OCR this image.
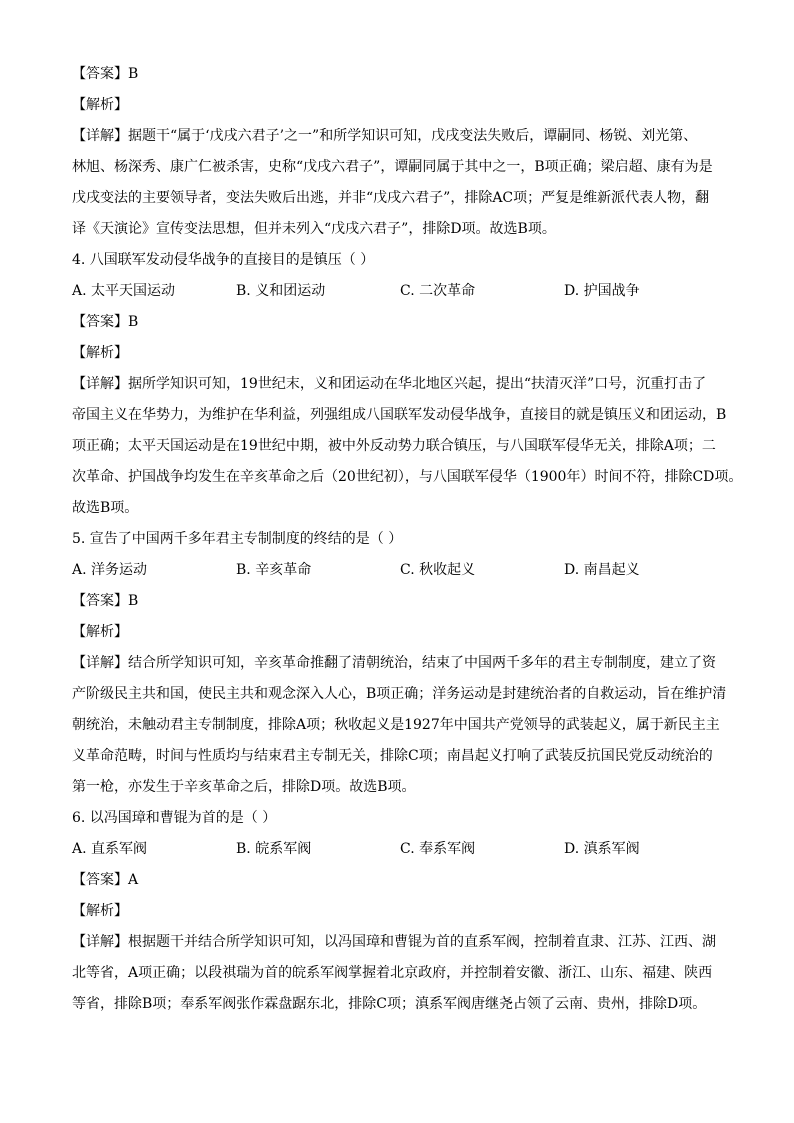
【答案】B
【解析】
【详解】据题干“属于‘戊戌六君子’之一”和所学知识可知，戊戌变法失败后，谭嗣同、杨锐、刘光第、
林旭、杨深秀、康广仁被杀害，史称“戊戌六君子”，谭嗣同属于其中之一，B项正确；梁启超、康有为是
戊戌变法的主要领导者，变法失败后出逃，并非“戊戌六君子”，排除AC项；严复是维新派代表人物，翻
译《天演论》宣传变法思想，但并未列入“戊戌六君子”，排除D项。故选B项。
4. 八国联军发动侵华战争的直接目的是镇压（ ）
A. 太平天国运动	B. 义和团运动	C. 二次革命	D. 护国战争
【答案】B
【解析】
【详解】据所学知识可知，19世纪末，义和团运动在华北地区兴起，提出“扶清灭洋”口号，沉重打击了
帝国主义在华势力，为维护在华利益，列强组成八国联军发动侵华战争，直接目的就是镇压义和团运动，B
项正确；太平天国运动是在19世纪中期，被中外反动势力联合镇压，与八国联军侵华无关，排除A项；二
次革命、护国战争均发生在辛亥革命之后（20世纪初），与八国联军侵华（1900年）时间不符，排除CD项。
故选B项。
5. 宣告了中国两千多年君主专制制度的终结的是（ ）
A. 洋务运动	B. 辛亥革命	C. 秋收起义	D. 南昌起义
【答案】B
【解析】
【详解】结合所学知识可知，辛亥革命推翻了清朝统治，结束了中国两千多年的君主专制制度，建立了资
产阶级民主共和国，使民主共和观念深入人心，B项正确；洋务运动是封建统治者的自救运动，旨在维护清
朝统治，未触动君主专制制度，排除A项；秋收起义是1927年中国共产党领导的武装起义，属于新民主主
义革命范畴，时间与性质均与结束君主专制无关，排除C项；南昌起义打响了武装反抗国民党反动统治的
第一枪，亦发生于辛亥革命之后，排除D项。故选B项。
6. 以冯国璋和曹锟为首的是（ ）
A. 直系军阀	B. 皖系军阀	C. 奉系军阀	D. 滇系军阀
【答案】A
【解析】
【详解】根据题干并结合所学知识可知，以冯国璋和曹锟为首的直系军阀，控制着直隶、江苏、江西、湖
北等省，A项正确；以段祺瑞为首的皖系军阀掌握着北京政府，并控制着安徽、浙江、山东、福建、陕西
等省，排除B项；奉系军阀张作霖盘踞东北，排除C项；滇系军阀唐继尧占领了云南、贵州，排除D项。
